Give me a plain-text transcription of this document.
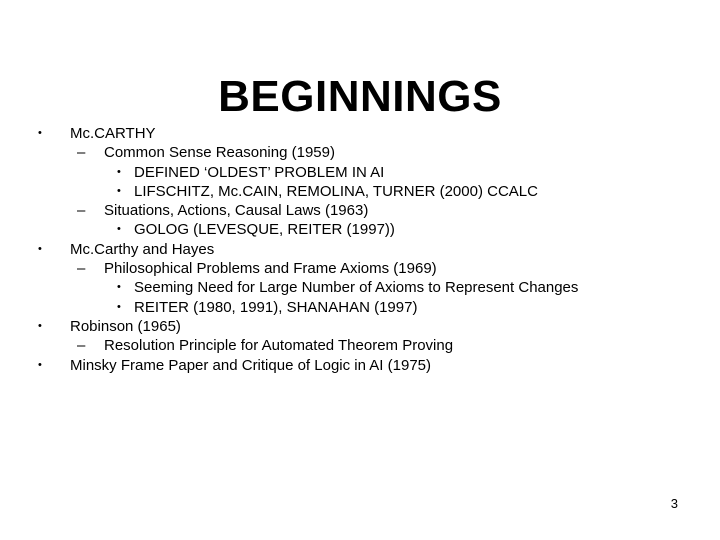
BEGINNINGS
• Mc.CARTHY
– Common Sense Reasoning (1959)
• DEFINED ‘OLDEST’ PROBLEM IN AI
• LIFSCHITZ, Mc.CAIN, REMOLINA, TURNER (2000) CCALC
– Situations, Actions, Causal Laws (1963)
• GOLOG (LEVESQUE, REITER (1997))
• Mc.Carthy and Hayes
– Philosophical Problems and Frame Axioms (1969)
• Seeming Need for Large Number of Axioms to Represent Changes
• REITER (1980, 1991), SHANAHAN (1997)
• Robinson (1965)
– Resolution Principle for Automated Theorem Proving
• Minsky Frame Paper and Critique of Logic in AI (1975)
3
